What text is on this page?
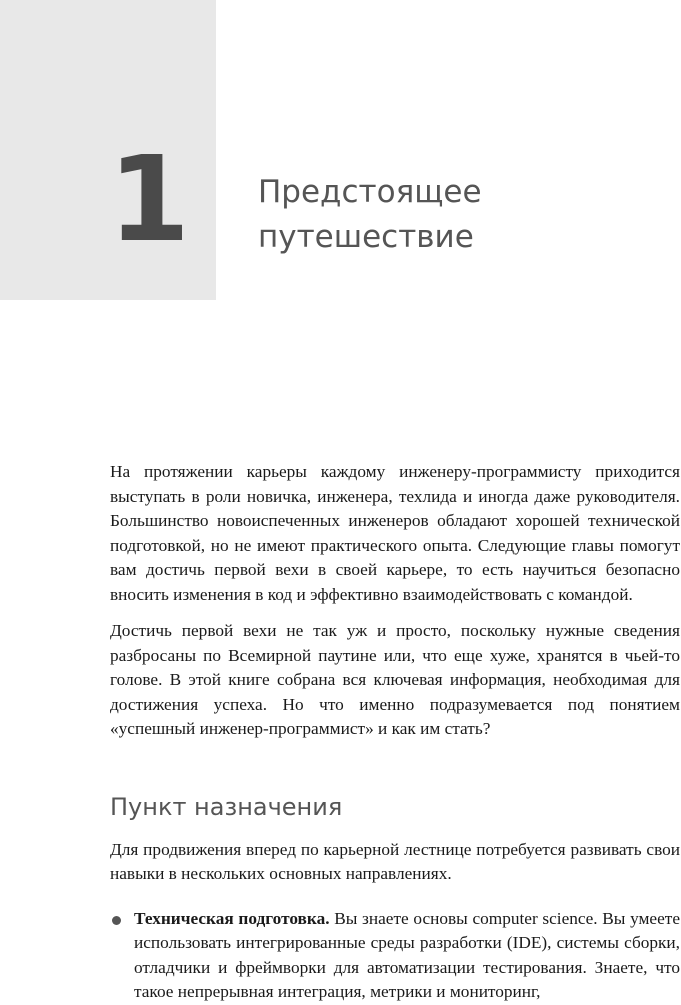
1 Предстоящее
путешествие

На протяжении карьеры каждому инженеру-программисту приходится выступать в роли новичка, инженера, техлида и иногда даже руководителя. Большинство новоиспеченных инженеров обладают хорошей технической подготовкой, но не имеют практического опыта. Следующие главы помогут вам достичь первой вехи в своей карьере, то есть научиться безопасно вносить изменения в код и эффективно взаимодействовать с командой.

Достичь первой вехи не так уж и просто, поскольку нужные сведения разбросаны по Всемирной паутине или, что еще хуже, хранятся в чьей-то голове. В этой книге собрана вся ключевая информация, необходимая для достижения успеха. Но что именно подразумевается под понятием «успешный инженер-программист» и как им стать?

Пункт назначения

Для продвижения вперед по карьерной лестнице потребуется развивать свои навыки в нескольких основных направлениях.

Техническая подготовка. Вы знаете основы computer science. Вы умеете использовать интегрированные среды разработки (IDE), системы сборки, отладчики и фреймворки для автоматизации тестирования. Знаете, что такое непрерывная интеграция, метрики и мониторинг,
